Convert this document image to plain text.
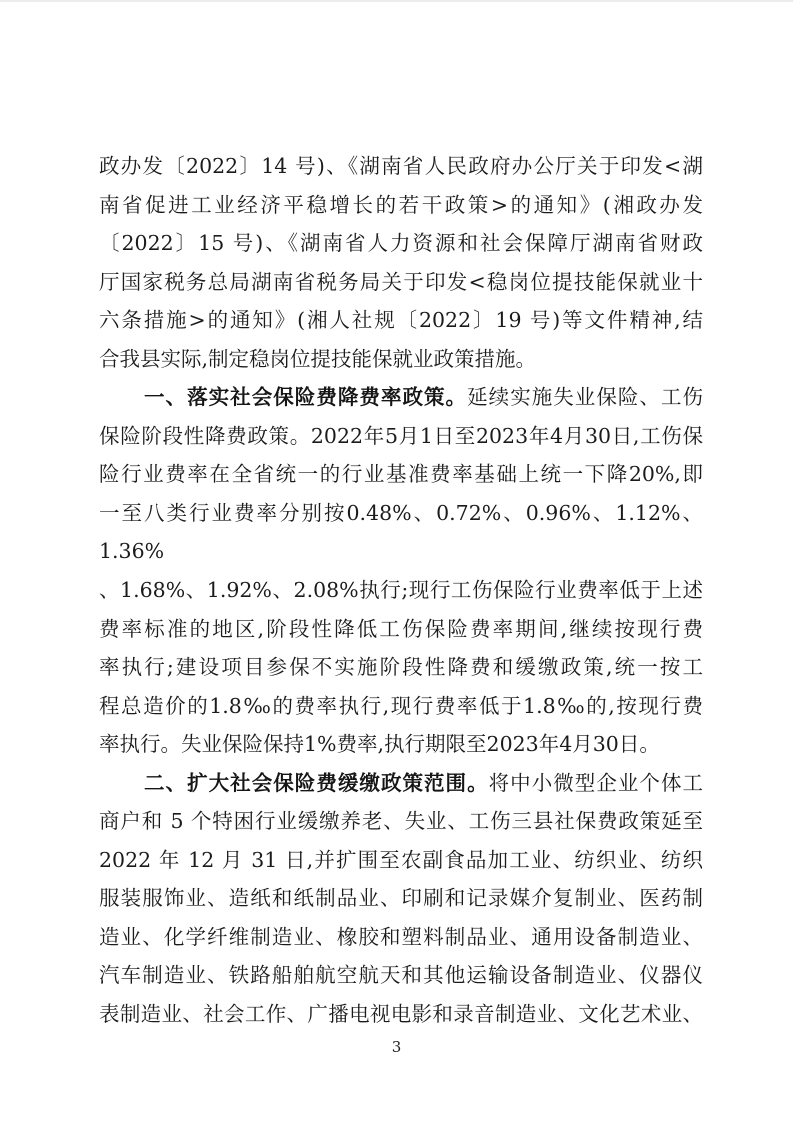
政办发〔2022〕14 号)、《湖南省人民政府办公厅关于印发<湖
南省促进工业经济平稳增长的若干政策>的通知》(湘政办发
〔2022〕15 号)、《湖南省人力资源和社会保障厅湖南省财政
厅国家税务总局湖南省税务局关于印发<稳岗位提技能保就业十
六条措施>的通知》(湘人社规〔2022〕19 号)等文件精神,结
合我县实际,制定稳岗位提技能保就业政策措施。
一、落实社会保险费降费率政策。延续实施失业保险、工伤
保险阶段性降费政策。2022年5月1日至2023年4月30日,工伤保
险行业费率在全省统一的行业基准费率基础上统一下降20%,即
一至八类行业费率分别按0.48%、0.72%、0.96%、1.12%、1.36%
、1.68%、1.92%、2.08%执行;现行工伤保险行业费率低于上述
费率标准的地区,阶段性降低工伤保险费率期间,继续按现行费
率执行;建设项目参保不实施阶段性降费和缓缴政策,统一按工
程总造价的1.8‰的费率执行,现行费率低于1.8‰的,按现行费
率执行。失业保险保持1%费率,执行期限至2023年4月30日。
二、扩大社会保险费缓缴政策范围。将中小微型企业个体工
商户和 5 个特困行业缓缴养老、失业、工伤三县社保费政策延至
2022 年 12 月 31 日,并扩围至农副食品加工业、纺织业、纺织
服装服饰业、造纸和纸制品业、印刷和记录媒介复制业、医药制
造业、化学纤维制造业、橡胶和塑料制品业、通用设备制造业、
汽车制造业、铁路船舶航空航天和其他运输设备制造业、仪器仪
表制造业、社会工作、广播电视电影和录音制造业、文化艺术业、
3
